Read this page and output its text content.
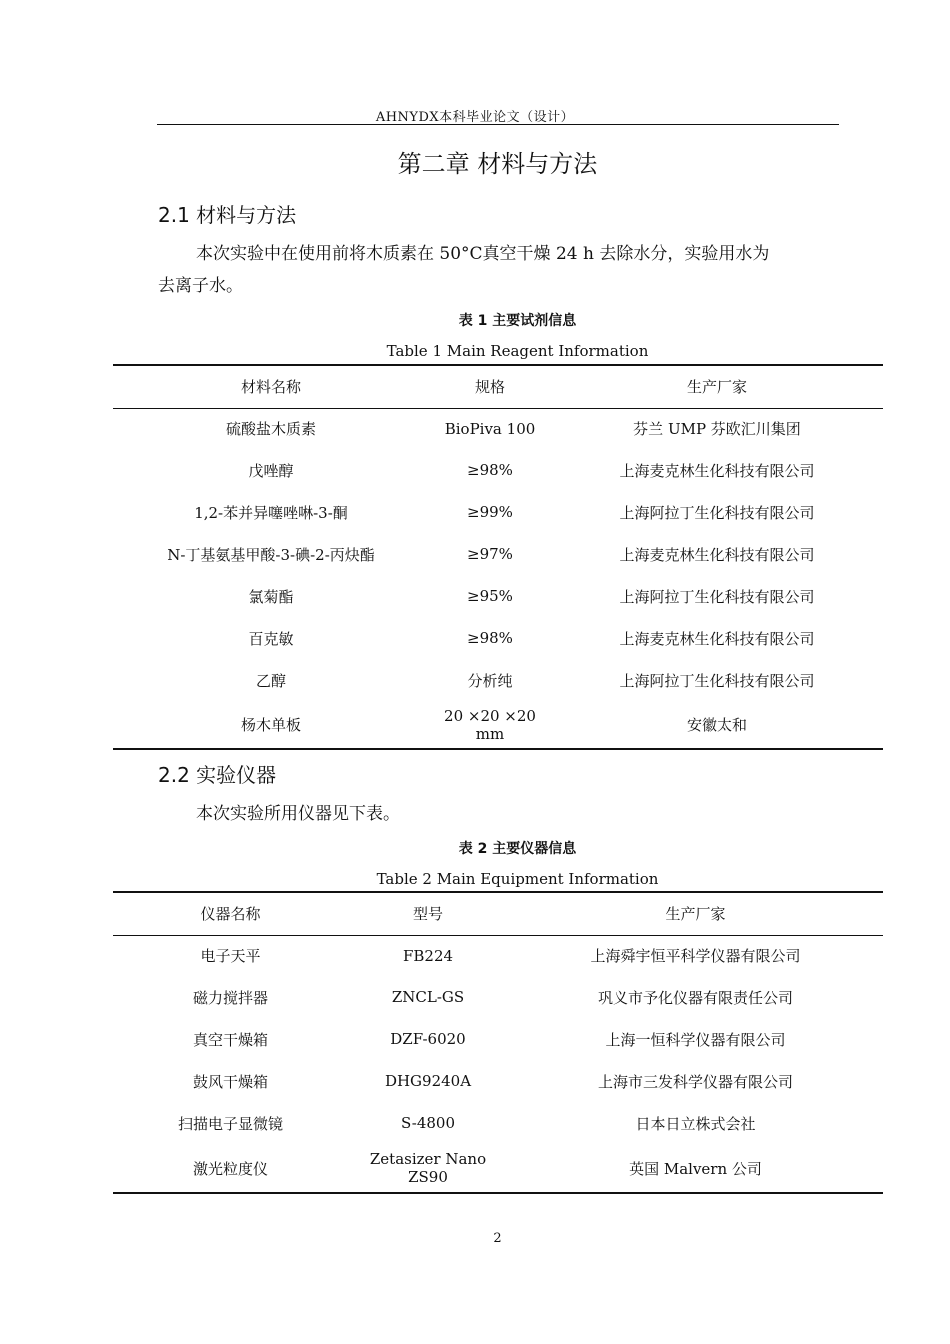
AHNYDX本科毕业论文（设计）
第二章 材料与方法
2.1 材料与方法
本次实验中在使用前将木质素在 50°C真空干燥 24 h 去除水分，实验用水为
去离子水。
表 1 主要试剂信息
Table 1 Main Reagent Information
材料名称	规格	生产厂家
硫酸盐木质素	BioPiva 100	芬兰 UMP 芬欧汇川集团
戊唑醇	≥98%	上海麦克林生化科技有限公司
1,2-苯并异噻唑啉-3-酮	≥99%	上海阿拉丁生化科技有限公司
N-丁基氨基甲酸-3-碘-2-丙炔酯	≥97%	上海麦克林生化科技有限公司
氯菊酯	≥95%	上海阿拉丁生化科技有限公司
百克敏	≥98%	上海麦克林生化科技有限公司
乙醇	分析纯	上海阿拉丁生化科技有限公司
杨木单板	20 ×20 ×20 mm	安徽太和
2.2 实验仪器
本次实验所用仪器见下表。
表 2 主要仪器信息
Table 2 Main Equipment Information
仪器名称	型号	生产厂家
电子天平	FB224	上海舜宇恒平科学仪器有限公司
磁力搅拌器	ZNCL-GS	巩义市予化仪器有限责任公司
真空干燥箱	DZF-6020	上海一恒科学仪器有限公司
鼓风干燥箱	DHG9240A	上海市三发科学仪器有限公司
扫描电子显微镜	S-4800	日本日立株式会社
激光粒度仪	Zetasizer Nano ZS90	英国 Malvern 公司
2
